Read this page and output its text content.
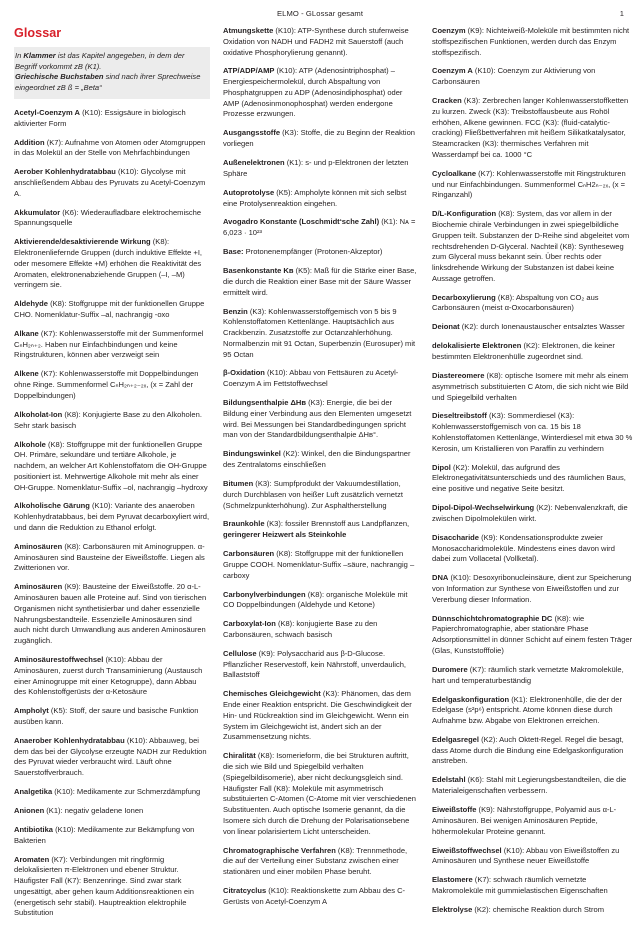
ELMO - GLossar gesamt	1
Glossar

In Klammer ist das Kapitel angegeben, in dem der Begriff vorkommt zB (K1).

Griechische Buchstaben sind nach ihrer Sprechweise eingeordnet zB ß = „Beta“

Acetyl-Coenzym A (K10): Essigsäure in biologisch aktivierter Form

Addition (K7): Aufnahme von Atomen oder Atomgruppen in das Molekül an der Stelle von Mehrfachbindungen

Aerober Kohlenhydratabbau (K10): Glycolyse mit anschließendem Abbau des Pyruvats zu Acetyl-Coenzym A.

Akkumulator (K6): Wiederaufladbare elektrochemische Spannungsquelle

Aktivierende/desaktivierende Wirkung (K8): Elektronenliefernde Gruppen (durch induktive Effekte +I, oder mesomere Effekte +M) erhöhen die Reaktivität des Aromaten, elektronenabziehende Gruppen (–I, –M) verringern sie.

Aldehyde (K8): Stoffgruppe mit der funktionellen Gruppe CHO. Nomenklatur-Suffix –al, nachrangig -oxo

Alkane (K7): Kohlenwasserstoffe mit der Summenformel CₙH₂ₙ₊₂. Haben nur Einfachbindungen und keine Ringstrukturen, können aber verzweigt sein

Alkene (K7): Kohlenwasserstoffe mit Doppelbindungen ohne Ringe. Summenformel CₙH₂ₙ₊₂₋₂ₓ, (x = Zahl der Doppelbindungen)

Alkoholat-Ion (K8): Konjugierte Base zu den Alkoholen. Sehr stark basisch

Alkohole (K8): Stoffgruppe mit der funktionellen Gruppe OH. Primäre, sekundäre und tertiäre Alkohole, je nachdem, an welcher Art Kohlenstoffatom die OH-Gruppe positioniert ist. Mehrwertige Alkohole mit mehr als einer OH-Gruppe. Nomenklatur-Suffix –ol, nachrangig –hydroxy

Alkoholische Gärung (K10): Variante des anaeroben Kohlenhydratabbaus, bei dem Pyruvat decarboxyliert wird, und dann die Reduktion zu Ethanol erfolgt.

Aminosäuren (K8): Carbonsäuren mit Aminogruppen. α-Aminosäuren sind Bausteine der Eiweißstoffe. Liegen als Zwitterionen vor.

Aminosäuren (K9): Bausteine der Eiweißstoffe. 20 α-L-Aminosäuren bauen alle Proteine auf. Sind von tierischen Organismen nicht synthetisierbar und daher essenzielle Nahrungsbestandteile. Essenzielle Aminosäuren sind auch nicht durch Umwandlung aus anderen Aminosäuren zugänglich.

Aminosäurestoffwechsel (K10): Abbau der Aminosäuren, zuerst durch Transaminierung (Austausch einer Aminogruppe mit einer Ketogruppe), dann Abbau des Kohlenstoffgerüsts der α-Ketosäure

Ampholyt (K5): Stoff, der saure und basische Funktion ausüben kann.

Anaerober Kohlenhydratabbau (K10): Abbauweg, bei dem das bei der Glycolyse erzeugte NADH zur Reduktion des Pyruvat wieder verbraucht wird. Läuft ohne Sauerstoffverbrauch.

Analgetika (K10): Medikamente zur Schmerzdämpfung

Anionen (K1): negativ geladene Ionen

Antibiotika (K10): Medikamente zur Bekämpfung von Bakterien

Aromaten (K7): Verbindungen mit ringförmig delokalisierten π-Elektronen und ebener Struktur. Häufigster Fall (K7): Benzenringe. Sind zwar stark ungesättigt, aber gehen kaum Additionsreaktionen ein (energetisch sehr stabil). Hauptreaktion elektrophile Substitution

Atmungskette (K10): ATP-Synthese durch stufenweise Oxidation von NADH und FADH2 mit Sauerstoff (auch oxidative Phosphorylierung genannt).

ATP/ADP/AMP (K10): ATP (Adenosintriphosphat) – Energiespeichermolekül, durch Abspaltung von Phosphatgruppen zu ADP (Adenosindiphosphat) oder AMP (Adenosinmonophosphat) werden endergone Prozesse erzwungen.

Ausgangsstoffe (K3): Stoffe, die zu Beginn der Reaktion vorliegen

Außenelektronen (K1): s- und p-Elektronen der letzten Sphäre

Autoprotolyse (K5): Ampholyte können mit sich selbst eine Protolysenreaktion eingehen.

Avogadro Konstante (Loschmidt‘sche Zahl) (K1): Nᴀ = 6,023 · 10²³

Base: Protonenempfänger (Protonen-Akzeptor)

Basenkonstante Kʙ (K5): Maß für die Stärke einer Base, die durch die Reaktion einer Base mit der Säure Wasser ermittelt wird.

Benzin (K3): Kohlenwasserstoffgemisch von 5 bis 9 Kohlenstoffatomen Kettenlänge. Hauptsächlich aus Crackbenzin. Zusatzstoffe zur Octanzahlerhöhung. Normalbenzin mit 91 Octan, Superbenzin (Eurosuper) mit 95 Octan

β-Oxidation (K10): Abbau von Fettsäuren zu Acetyl-Coenzym A im Fettstoffwechsel

Bildungsenthalpie ΔHʙ (K3): Energie, die bei der Bildung einer Verbindung aus den Elementen umgesetzt wird. Bei Messungen bei Standardbedingungen spricht man von der Standardbildungsenthalpie ΔHʙ°.

Bindungswinkel (K2): Winkel, den die Bindungspartner des Zentralatoms einschließen

Bitumen (K3): Sumpfprodukt der Vakuumdestillation, durch Durchblasen von heißer Luft zusätzlich vernetzt (Schmelzpunkterhöhung). Zur Asphaltherstellung

Braunkohle (K3): fossiler Brennstoff aus Landpflanzen, geringerer Heizwert als Steinkohle

Carbonsäuren (K8): Stoffgruppe mit der funktionellen Gruppe COOH. Nomenklatur-Suffix –säure, nachrangig –carboxy

Carbonylverbindungen (K8): organische Moleküle mit CO Doppelbindungen (Aldehyde und Ketone)

Carboxylat-Ion (K8): konjugierte Base zu den Carbonsäuren, schwach basisch

Cellulose (K9): Polysaccharid aus β-D-Glucose. Pflanzlicher Reservestoff, kein Nährstoff, unverdaulich, Ballaststoff

Chemisches Gleichgewicht (K3): Phänomen, das dem Ende einer Reaktion entspricht. Die Geschwindigkeit der Hin- und Rückreaktion sind im Gleichgewicht. Wenn ein System im Gleichgewicht ist, ändert sich an der Zusammensetzung nichts.

Chiralität (K8): Isomerieform, die bei Strukturen auftritt, die sich wie Bild und Spiegelbild verhalten (Spiegelbildisomerie), aber nicht deckungsgleich sind. Häufigster Fall (K8): Moleküle mit asymmetrisch substituierten C-Atomen (C-Atome mit vier verschiedenen Substituenten. Auch optische Isomerie genannt, da die Isomere sich durch die Drehung der Polarisationsebene von linear polarisiertem Licht unterscheiden.

Chromatographische Verfahren (K8): Trennmethode, die auf der Verteilung einer Substanz zwischen einer stationären und einer mobilen Phase beruht.

Citratcyclus (K10): Reaktionskette zum Abbau des C-Gerüsts von Acetyl-Coenzym A

Coenzym (K9): Nichteiweiß-Moleküle mit bestimmten nicht stoffspezifischen Funktionen, werden durch das Enzym stoffspezifisch.

Coenzym A (K10): Coenzym zur Aktivierung von Carbonsäuren

Cracken (K3): Zerbrechen langer Kohlenwasserstoffketten zu kurzen. Zweck (K3): Treibstoffausbeute aus Rohöl erhöhen, Alkene gewinnen. FCC (K3): (fluid-catalytic-cracking) Fließbettverfahren mit heißem Silikatkatalysator, Steamcracken (K3): thermisches Verfahren mit Wasserdampf bei ca. 1000 °C

Cycloalkane (K7): Kohlenwasserstoffe mit Ringstrukturen und nur Einfachbindungen. Summenformel CₙH2ₙ₋₂ₓ, (x = Ringanzahl)

D/L-Konfiguration (K8): System, das vor allem in der Biochemie chirale Verbindungen in zwei spiegelbildliche Gruppen teilt. Substanzen der D-Reihe sind abgeleitet vom rechtsdrehenden D-Glyceral. Nachteil (K8): Syntheseweg zum Glyceral muss bekannt sein. Über rechts oder linksdrehende Wirkung der Substanzen ist dabei keine Aussage getroffen.

Decarboxylierung (K8): Abspaltung von CO₂ aus Carbonsäuren (meist α-Oxocarbonsäuren)

Deionat (K2): durch Ionenaustauscher entsalztes Wasser

delokalisierte Elektronen (K2): Elektronen, die keiner bestimmten Elektronenhülle zugeordnet sind.

Diastereomere (K8): optische Isomere mit mehr als einem asymmetrisch substituierten C Atom, die sich nicht wie Bild und Spiegelbild verhalten

Dieseltreibstoff (K3): Sommerdiesel (K3): Kohlenwasserstoffgemisch von ca. 15 bis 18 Kohlenstoffatomen Kettenlänge, Winterdiesel mit etwa 30 % Kerosin, um Kristallieren von Paraffin zu verhindern

Dipol (K2): Molekül, das aufgrund des Elektronegativitätsunterschieds und des räumlichen Baus, eine positive und negative Seite besitzt.

Dipol-Dipol-Wechselwirkung (K2): Nebenvalenzkraft, die zwischen Dipolmolekülen wirkt.

Disaccharide (K9): Kondensationsprodukte zweier Monosaccharidmoleküle. Mindestens eines davon wird dabei zum Vollacetal (Vollketal).

DNA (K10): Desoxyribonucleinsäure, dient zur Speicherung von Information zur Synthese von Eiweißstoffen und zur Vererbung dieser Information.

Dünnschichtchromatographie DC (K8): wie Papierchromatographie, aber stationäre Phase Adsorptionsmittel in dünner Schicht auf einem festen Träger (Glas, Kunststofffolie)

Duromere (K7): räumlich stark vernetzte Makromoleküle, hart und temperaturbeständig

Edelgaskonfiguration (K1): Elektronenhülle, die der der Edelgase (s²p⁶) entspricht. Atome können diese durch Aufnahme bzw. Abgabe von Elektronen erreichen.

Edelgasregel (K2): Auch Oktett-Regel. Regel die besagt, dass Atome durch die Bindung eine Edelgaskonfiguration anstreben.

Edelstahl (K6): Stahl mit Legierungsbestandteilen, die die Materialeigenschaften verbessern.

Eiweißstoffe (K9): Nährstoffgruppe, Polyamid aus α-L-Aminosäuren. Bei wenigen Aminosäuren Peptide, höhermolekular Proteine genannt.

Eiweißstoffwechsel (K10): Abbau von Eiweißstoffen zu Aminosäuren und Synthese neuer Eiweißstoffe

Elastomere (K7): schwach räumlich vernetzte Makromoleküle mit gummielastischen Eigenschaften

Elektrolyse (K2): chemische Reaktion durch Strom
